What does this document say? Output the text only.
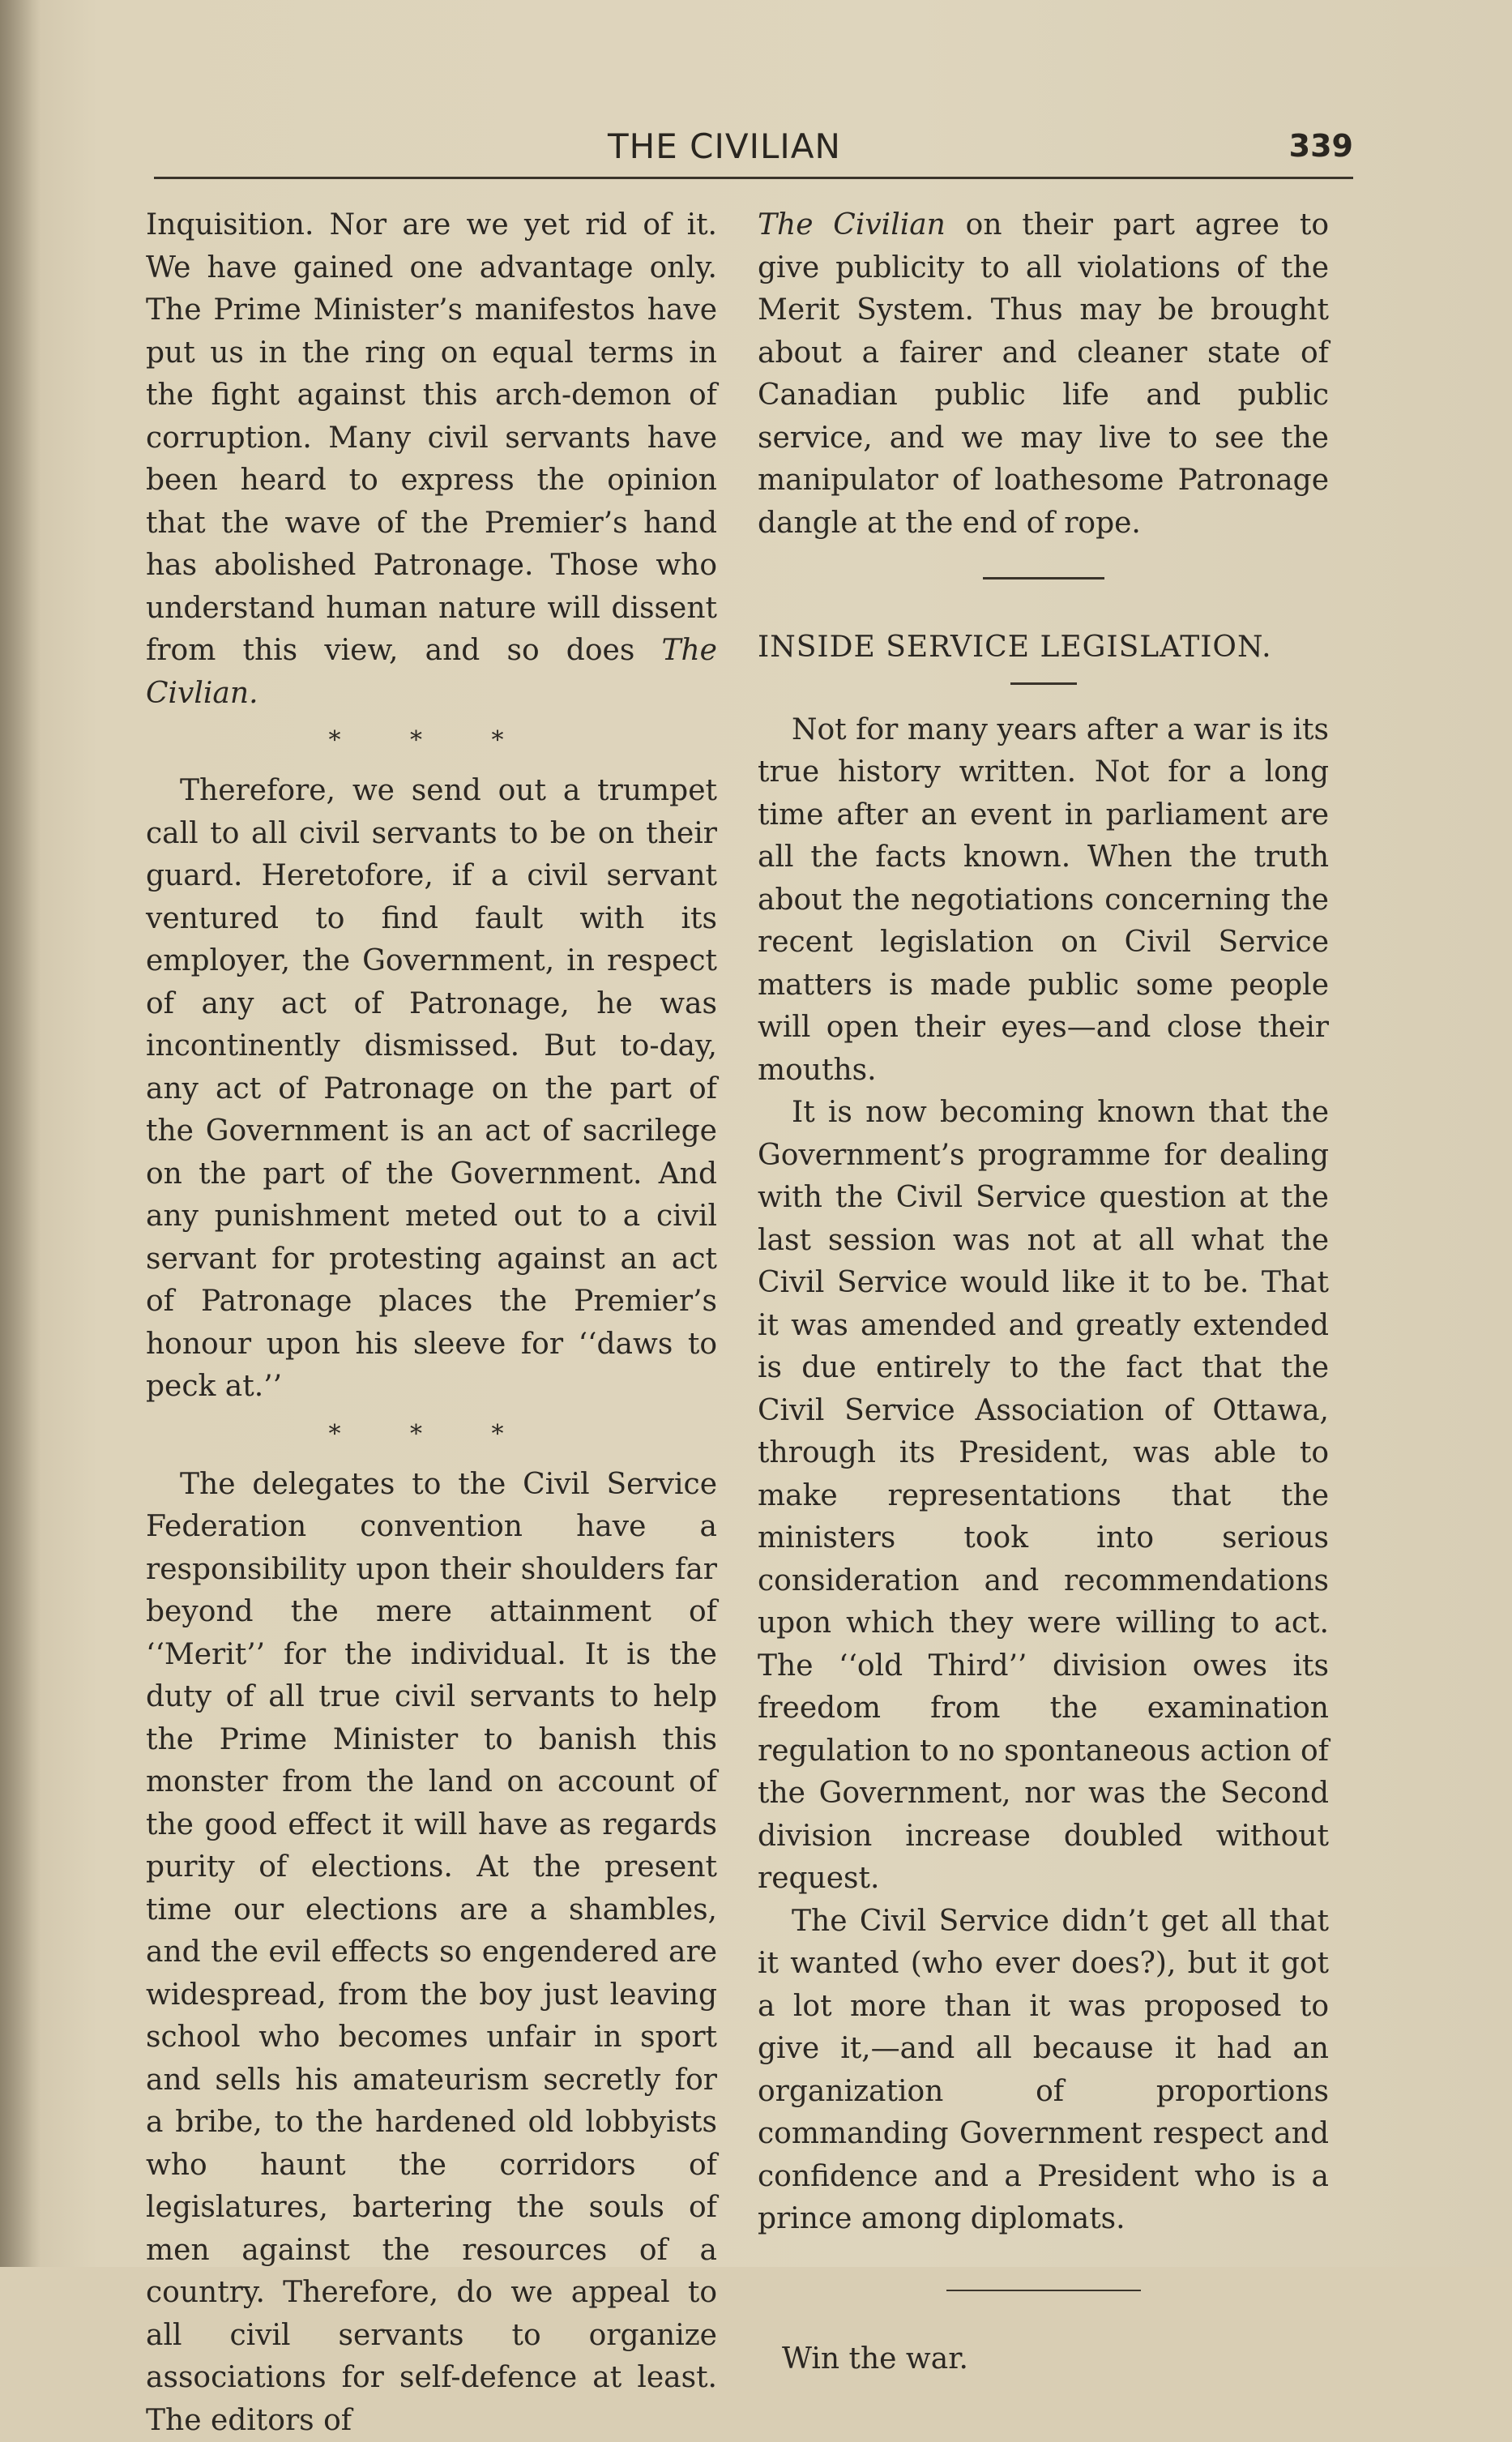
THE CIVILIAN	339

Inquisition. Nor are we yet rid of it. We have gained one advantage only. The Prime Minister’s manifestos have put us in the ring on equal terms in the fight against this arch-demon of corruption. Many civil servants have been heard to express the opinion that the wave of the Premier’s hand has abolished Patronage. Those who understand human nature will dissent from this view, and so does The Civlian.

* * *

Therefore, we send out a trumpet call to all civil servants to be on their guard. Heretofore, if a civil servant ventured to find fault with its employer, the Government, in respect of any act of Patronage, he was incontinently dismissed. But to-day, any act of Patronage on the part of the Government is an act of sacrilege on the part of the Government. And any punishment meted out to a civil servant for protesting against an act of Patronage places the Premier’s honour upon his sleeve for ‘‘daws to peck at.’’

* * *

The delegates to the Civil Service Federation convention have a responsibility upon their shoulders far beyond the mere attainment of ‘‘Merit’’ for the individual. It is the duty of all true civil servants to help the Prime Minister to banish this monster from the land on account of the good effect it will have as regards purity of elections. At the present time our elections are a shambles, and the evil effects so engendered are widespread, from the boy just leaving school who becomes unfair in sport and sells his amateurism secretly for a bribe, to the hardened old lobbyists who haunt the corridors of legislatures, bartering the souls of men against the resources of a country. Therefore, do we appeal to all civil servants to organize associations for self-defence at least. The editors of

The Civilian on their part agree to give publicity to all violations of the Merit System. Thus may be brought about a fairer and cleaner state of Canadian public life and public service, and we may live to see the manipulator of loathesome Patronage dangle at the end of rope.

INSIDE SERVICE LEGISLATION.

Not for many years after a war is its true history written. Not for a long time after an event in parliament are all the facts known. When the truth about the negotiations concerning the recent legislation on Civil Service matters is made public some people will open their eyes—and close their mouths.

It is now becoming known that the Government’s programme for dealing with the Civil Service question at the last session was not at all what the Civil Service would like it to be. That it was amended and greatly extended is due entirely to the fact that the Civil Service Association of Ottawa, through its President, was able to make representations that the ministers took into serious consideration and recommendations upon which they were willing to act. The ‘‘old Third’’ division owes its freedom from the examination regulation to no spontaneous action of the Government, nor was the Second division increase doubled without request.

The Civil Service didn’t get all that it wanted (who ever does?), but it got a lot more than it was proposed to give it,—and all because it had an organization of proportions commanding Government respect and confidence and a President who is a prince among diplomats.

Win the war.
